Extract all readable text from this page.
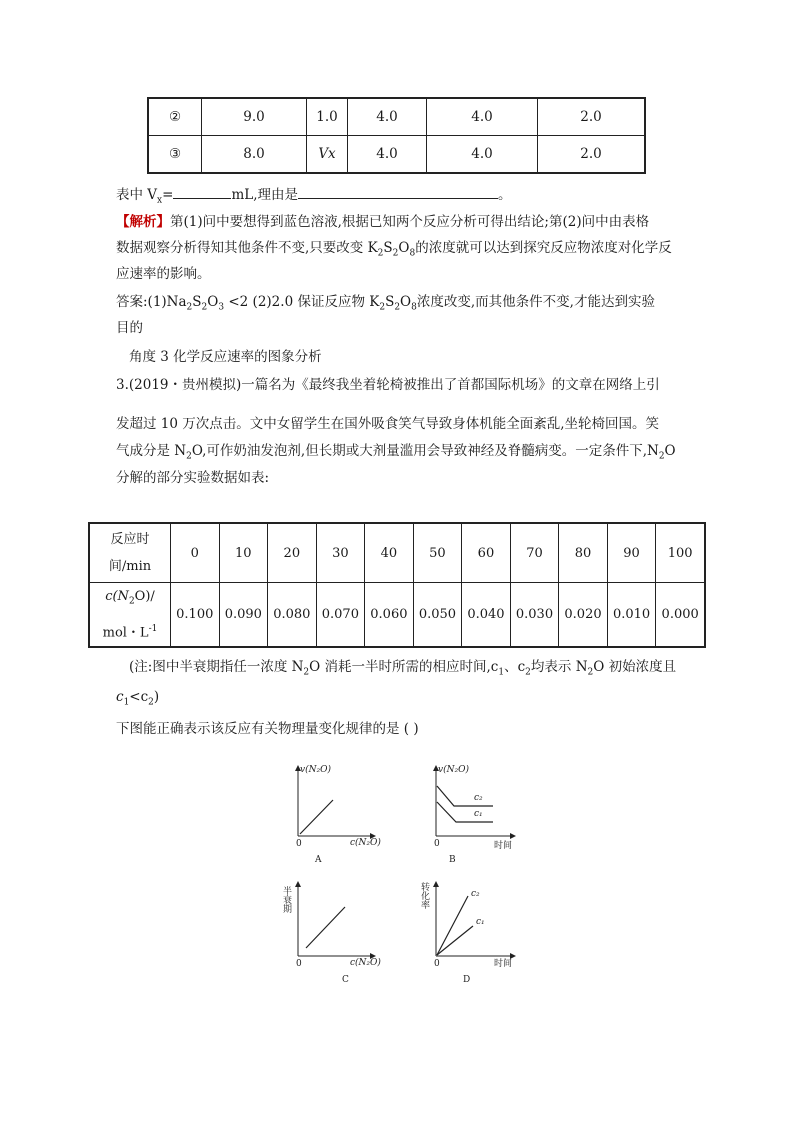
②	9.0	1.0	4.0	4.0	2.0
③	8.0	Vx	4.0	4.0	2.0
表中 $V_x=$	mL,理由是	。
【解析】第(1)问中要想得到蓝色溶液,根据已知两个反应分析可得出结论;第(2)问中由表格
数据观察分析得知其他条件不变,只要改变 $K_2S_2O_8$的浓度就可以达到探究反应物浓度对化学反
应速率的影响。
答案$:(1)Na_2S_2O_3 <2$ (2)2.0 保证反应物 $K_2S_2O_8$浓度改变,而其他条件不变,才能达到实验
目的
角度 3 化学反应速率的图象分析
3.(2019・贵州模拟)一篇名为《最终我坐着轮椅被推出了首都国际机场》的文章在网络上引
发超过 10 万次点击。文中女留学生在国外吸食笑气导致身体机能全面紊乱,坐轮椅回国。笑
气成分是 $N_2O$,可作奶油发泡剂,但长期或大剂量滥用会导致神经及脊髓病变。一定条件下$,N_2O$
分解的部分实验数据如表:
反应时
间/min	0	10	20	30	40	50	60	70	80	90	100
$c(N_2O)/$
mol・$L^{-1}$	0.100	0.090	0.080	0.070	0.060	0.050	0.040	0.030	0.020	0.010	0.000
(注:图中半衰期指任一浓度 $N_2O$ 消耗一半时所需的相应时间$,c_1$、$c_2$均表示 $N_2O$ 初始浓度且
$c_1<c_2$)
下图能正确表示该反应有关物理量变化规律的是 ( )
v(N₂O)
c(N₂O)
0
A
v(N₂O)
c₂
c₁
时间
0
B
半衰期
c(N₂O)
0
C
转化率	c₂
c₁
时间
0
D
